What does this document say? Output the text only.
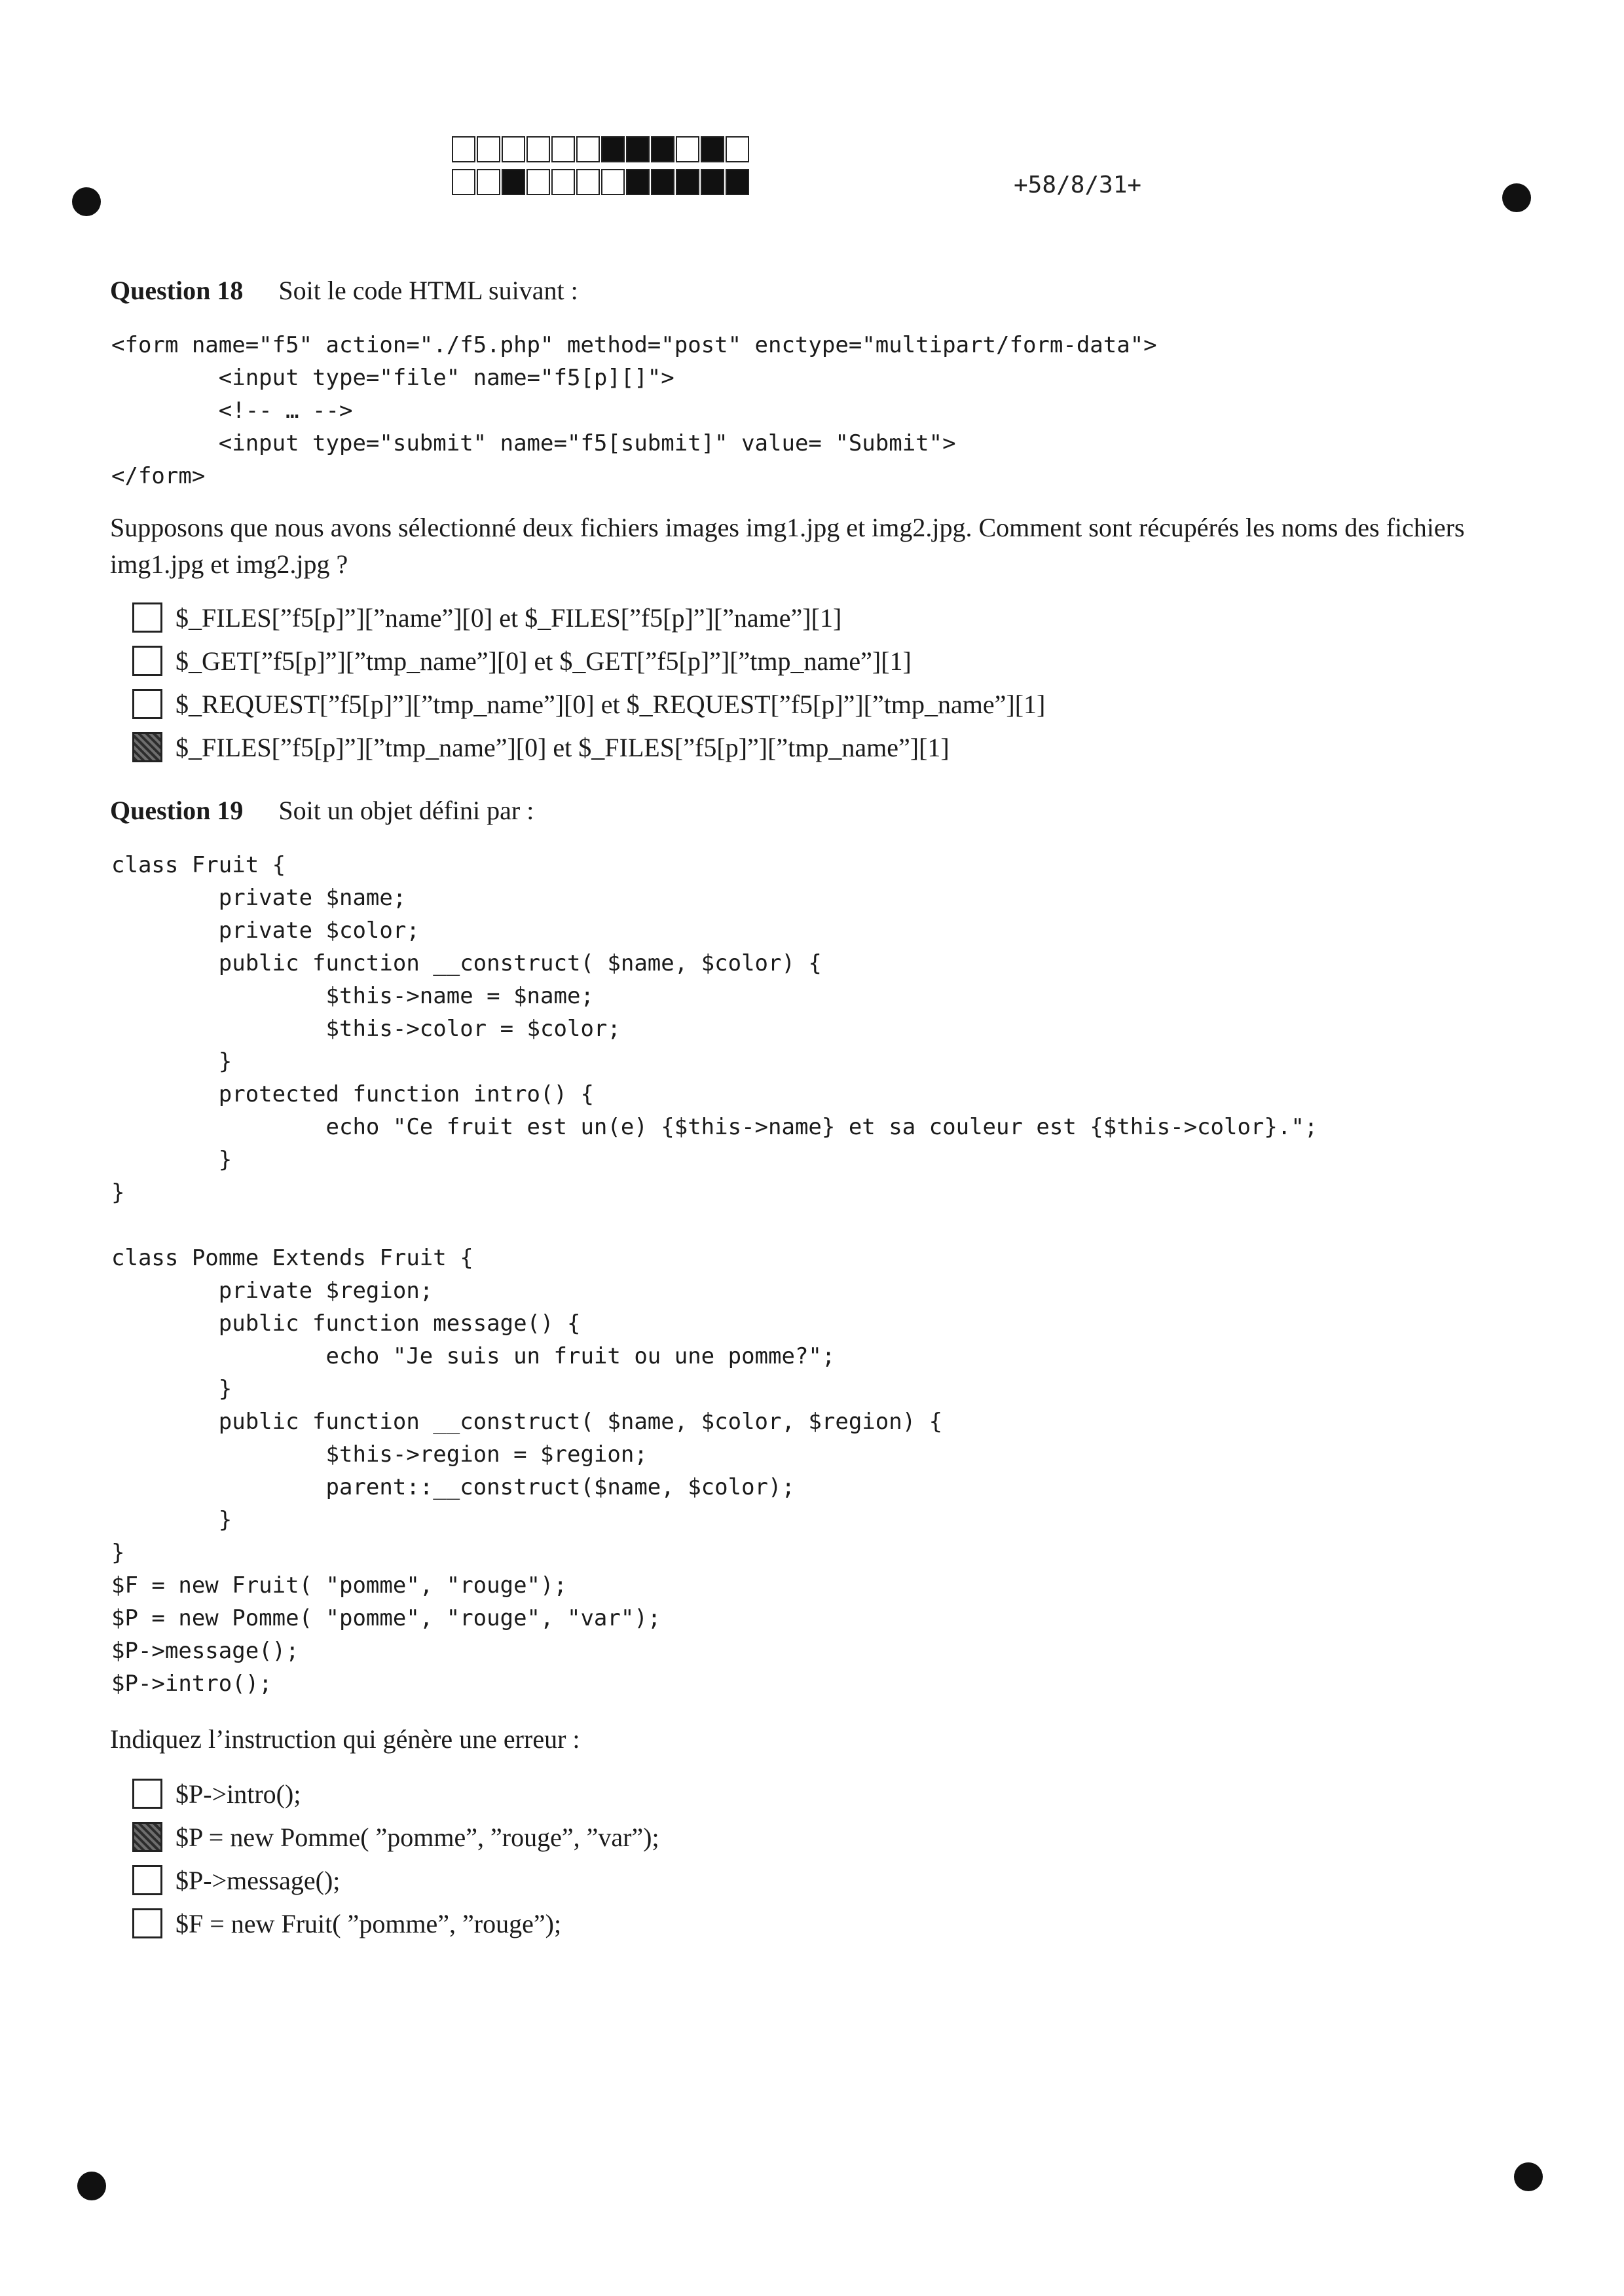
+58/8/31+
Question 18 Soit le code HTML suivant :
<form name="f5" action="./f5.php" method="post" enctype="multipart/form-data">
<input type="file" name="f5[p][]">
<!-- … -->
<input type="submit" name="f5[submit]" value= "Submit">
</form>
Supposons que nous avons sélectionné deux fichiers images img1.jpg et img2.jpg. Comment sont récupérés les noms des fichiers img1.jpg et img2.jpg ?
$_FILES[”f5[p]”][”name”][0] et $_FILES[”f5[p]”][”name”][1]
$_GET[”f5[p]”][”tmp_name”][0] et $_GET[”f5[p]”][”tmp_name”][1]
$_REQUEST[”f5[p]”][”tmp_name”][0] et $_REQUEST[”f5[p]”][”tmp_name”][1]
$_FILES[”f5[p]”][”tmp_name”][0] et $_FILES[”f5[p]”][”tmp_name”][1]
Question 19 Soit un objet défini par :
class Fruit {
private $name;
private $color;
public function __construct( $name, $color) {
$this->name = $name;
$this->color = $color;
}
protected function intro() {
echo "Ce fruit est un(e) {$this->name} et sa couleur est {$this->color}.";
}
}

class Pomme Extends Fruit {
private $region;
public function message() {
echo "Je suis un fruit ou une pomme?";
}
public function __construct( $name, $color, $region) {
$this->region = $region;
parent::__construct($name, $color);
}
}
$F = new Fruit( "pomme", "rouge");
$P = new Pomme( "pomme", "rouge", "var");
$P->message();
$P->intro();
Indiquez l’instruction qui génère une erreur :
$P->intro();
$P = new Pomme( ”pomme”, ”rouge”, ”var”);
$P->message();
$F = new Fruit( ”pomme”, ”rouge”);
